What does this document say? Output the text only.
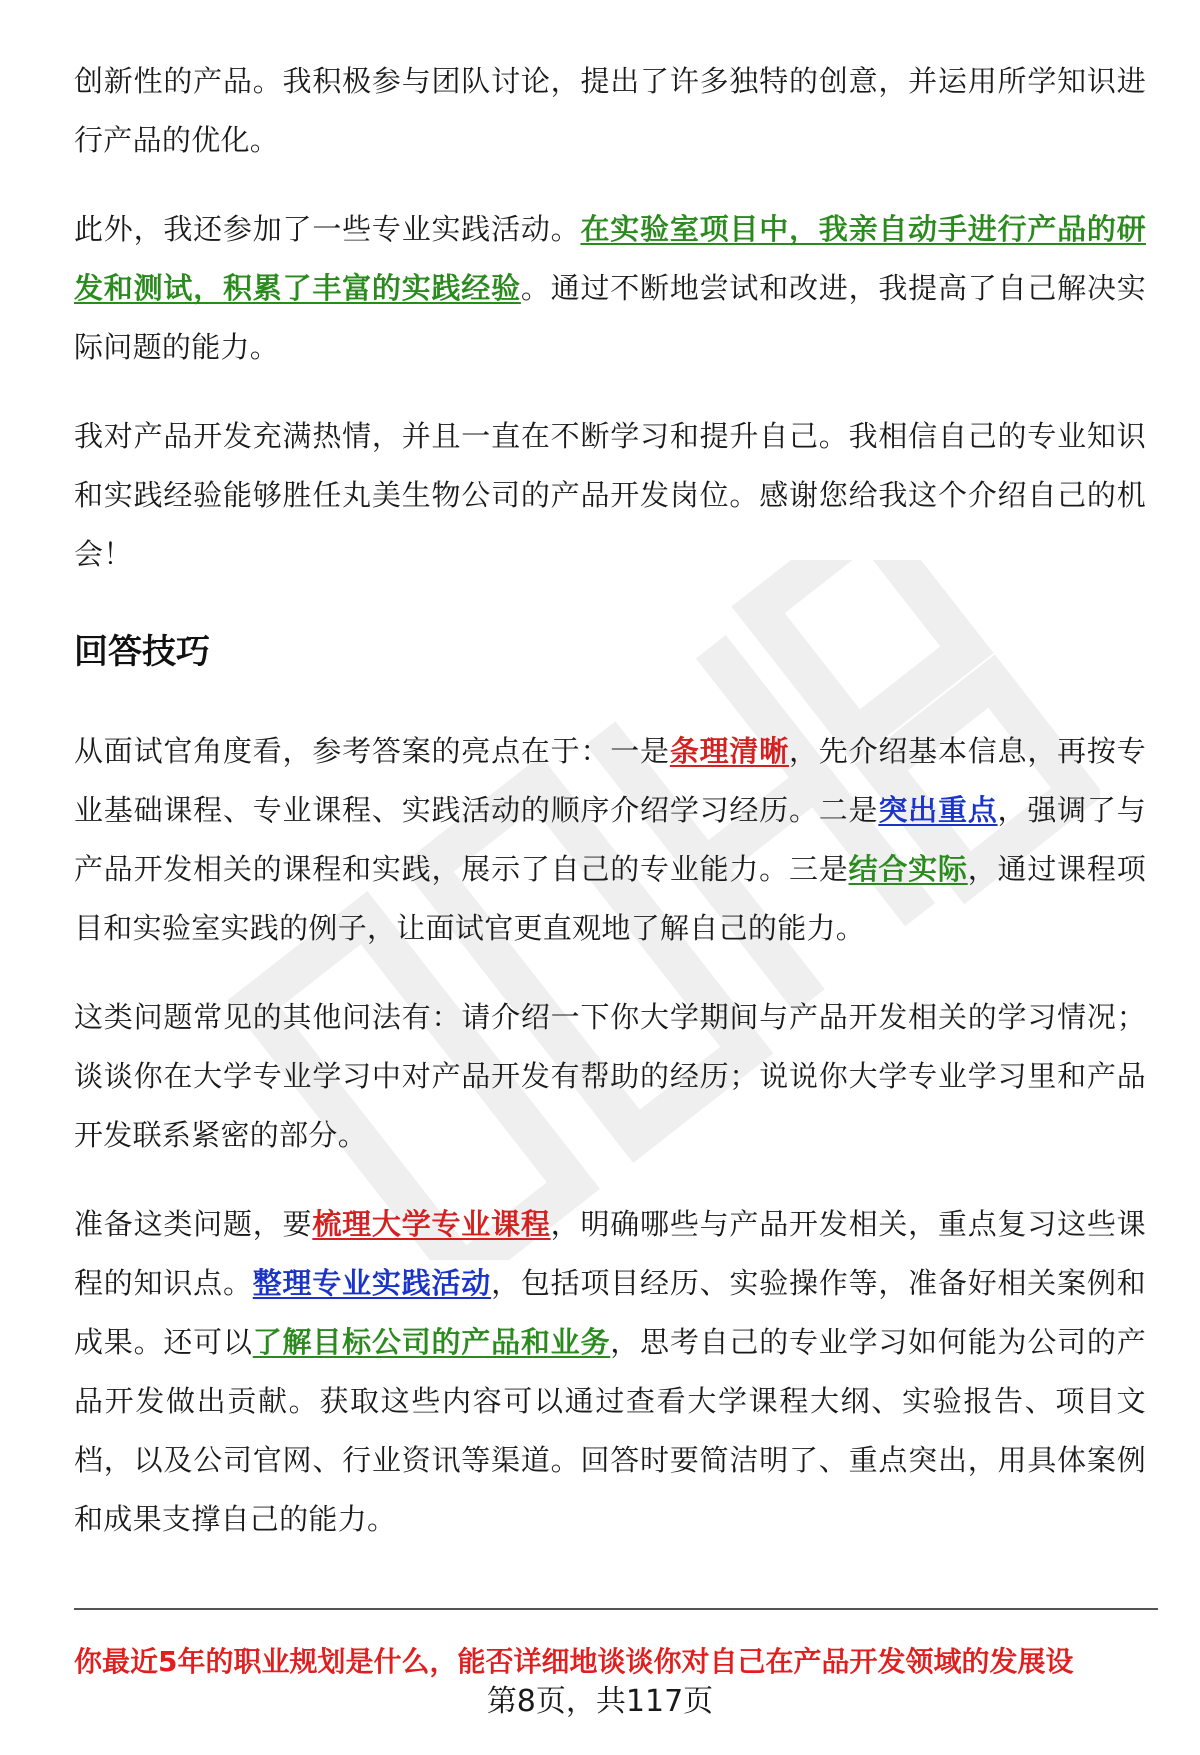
创新性的产品。我积极参与团队讨论，提出了许多独特的创意，并运用所学知识进行产品的优化。

此外，我还参加了一些专业实践活动。在实验室项目中，我亲自动手进行产品的研发和测试，积累了丰富的实践经验。通过不断地尝试和改进，我提高了自己解决实际问题的能力。

我对产品开发充满热情，并且一直在不断学习和提升自己。我相信自己的专业知识和实践经验能够胜任丸美生物公司的产品开发岗位。感谢您给我这个介绍自己的机会！

回答技巧

从面试官角度看，参考答案的亮点在于：一是条理清晰，先介绍基本信息，再按专业基础课程、专业课程、实践活动的顺序介绍学习经历。二是突出重点，强调了与产品开发相关的课程和实践，展示了自己的专业能力。三是结合实际，通过课程项目和实验室实践的例子，让面试官更直观地了解自己的能力。

这类问题常见的其他问法有：请介绍一下你大学期间与产品开发相关的学习情况；谈谈你在大学专业学习中对产品开发有帮助的经历；说说你大学专业学习里和产品开发联系紧密的部分。

准备这类问题，要梳理大学专业课程，明确哪些与产品开发相关，重点复习这些课程的知识点。整理专业实践活动，包括项目经历、实验操作等，准备好相关案例和成果。还可以了解目标公司的产品和业务，思考自己的专业学习如何能为公司的产品开发做出贡献。获取这些内容可以通过查看大学课程大纲、实验报告、项目文档，以及公司官网、行业资讯等渠道。回答时要简洁明了、重点突出，用具体案例和成果支撑自己的能力。

你最近5年的职业规划是什么，能否详细地谈谈你对自己在产品开发领域的发展设
第8页，共117页
